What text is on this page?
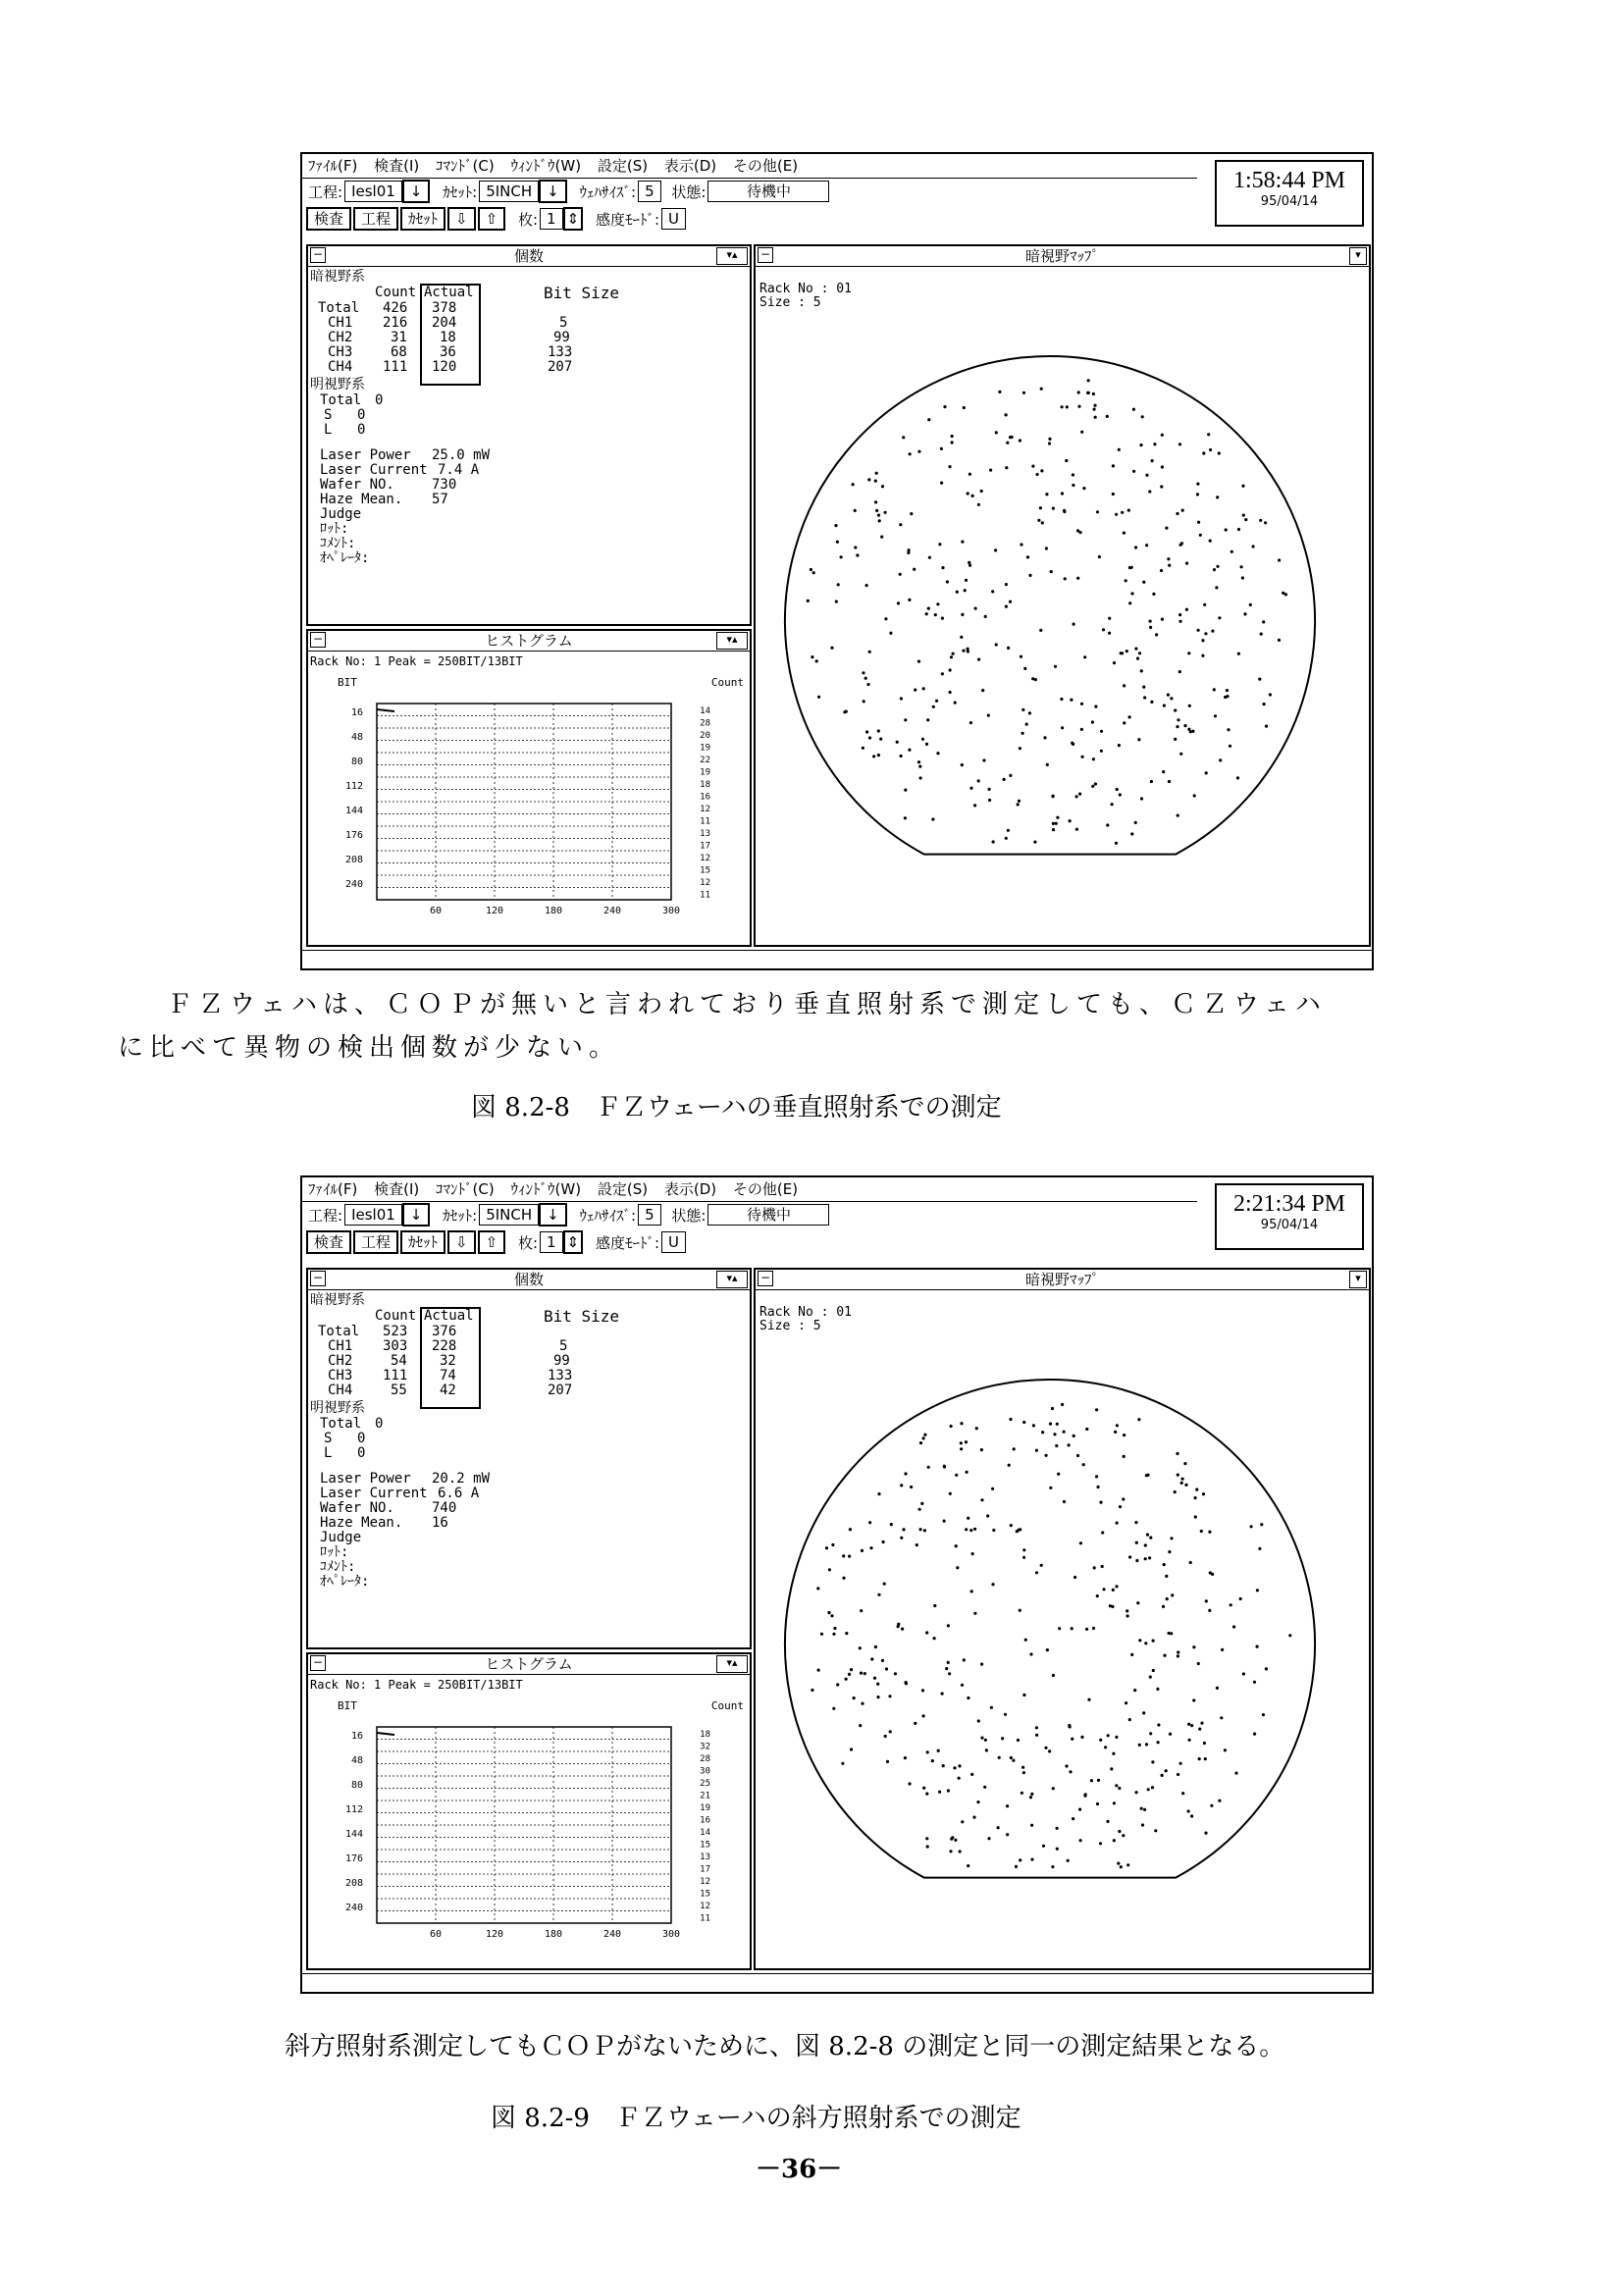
ﾌｧｲﾙ(F) 検査(I) ｺﾏﾝﾄﾞ(C) ｳｨﾝﾄﾞｳ(W) 設定(S) 表示(D) その他(E)
工程: Iesl01 ↓ ｶｾｯﾄ: 5INCH ↓ ｳｪﾊｻｲｽﾞ: 5 状態:	待機中
検査 工程 ｶｾｯﾄ ⇩ ⇧ 枚: 1 ⇕ 感度ﾓｰﾄﾞ: U
1:58:44 PM
95/04/14
−	個数	▾▴
暗視野系
Count Actual	Bit Size
Total 426 378
CH1 216 204	5
CH2	31 18	99
CH3	68 36	133
CH4 111 120	207
明視野系
Total 0
S 0
L 0
Laser Power 25.0 mW
Laser Current 7.4 A
Wafer NO.	730
Haze Mean. 57
Judge
ﾛｯﾄ:
ｺﾒﾝﾄ:
ｵﾍﾟﾚｰﾀ:
−	ヒストグラム	▾▴
Rack No: 1 Peak = 250BIT/13BIT
BIT	Count
16
48
80
112
144
176
208
240
60	120	180	240	300
14
28
20
19
22
19
18
16
12
11
13
17
12
15
12
11
−	暗視野ﾏｯﾌﾟ	▾
Rack No : 01
Size : 5
ﾌｧｲﾙ(F) 検査(I) ｺﾏﾝﾄﾞ(C) ｳｨﾝﾄﾞｳ(W) 設定(S) 表示(D) その他(E)
工程: Iesl01 ↓ ｶｾｯﾄ: 5INCH ↓ ｳｪﾊｻｲｽﾞ: 5 状態:	待機中
検査 工程 ｶｾｯﾄ ⇩ ⇧ 枚: 1 ⇕ 感度ﾓｰﾄﾞ: U
2:21:34 PM
95/04/14
−	個数	▾▴
暗視野系
Count Actual	Bit Size
Total 523 376
CH1 303 228	5
CH2	54 32	99
CH3 111 74	133
CH4	55 42	207
明視野系
Total 0
S 0
L 0
Laser Power 20.2 mW
Laser Current 6.6 A
Wafer NO.	740
Haze Mean. 16
Judge
ﾛｯﾄ:
ｺﾒﾝﾄ:
ｵﾍﾟﾚｰﾀ:
−	ヒストグラム	▾▴
Rack No: 1 Peak = 250BIT/13BIT
BIT	Count
16
48
80
112
144
176
208
240
60	120	180	240	300
18
32
28
30
25
21
19
16
14
15
13
17
12
15
12
11
−	暗視野ﾏｯﾌﾟ	▾
Rack No : 01
Size : 5
ＦＺウェハは、ＣＯＰが無いと言われており垂直照射系で測定しても、ＣＺウェハ
に比べて異物の検出個数が少ない。
図 8.2-8　ＦＺウェーハの垂直照射系での測定
斜方照射系測定してもＣＯＰがないために、図 8.2-8 の測定と同一の測定結果となる。
図 8.2-9　ＦＺウェーハの斜方照射系での測定
－36－
